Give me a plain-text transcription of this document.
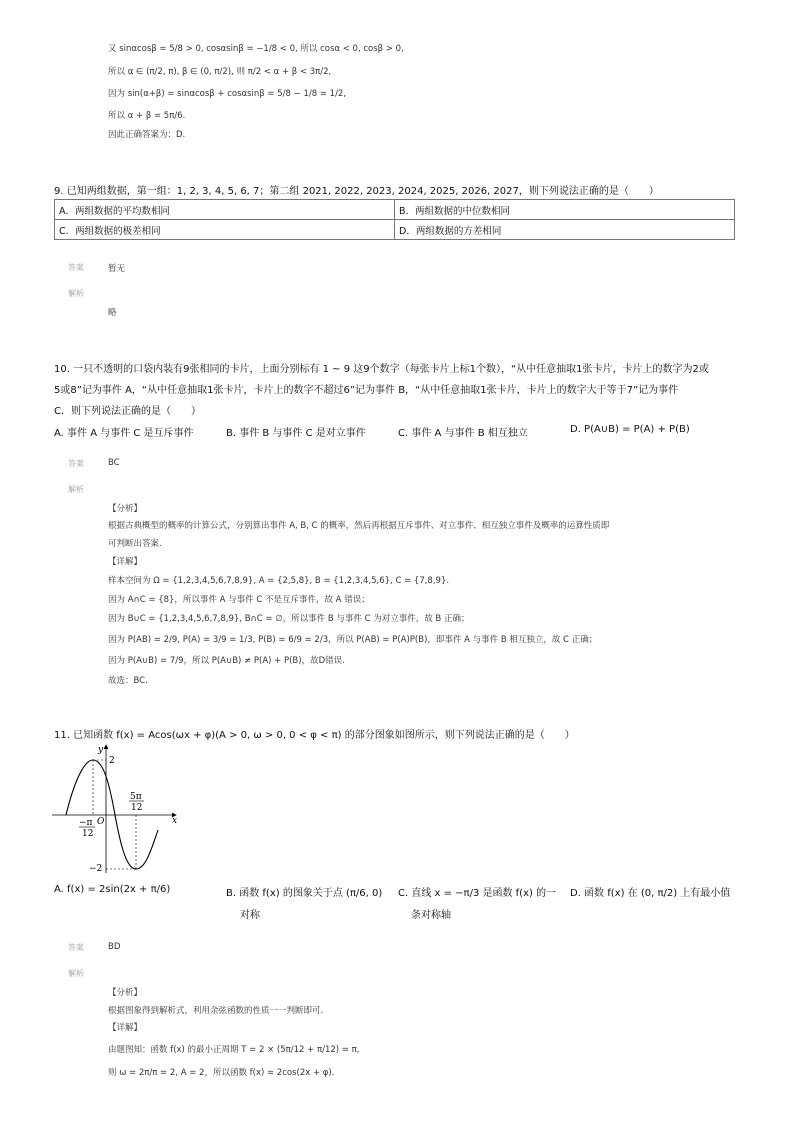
又 sinαcosβ = 5/8 > 0, cosαsinβ = −1/8 < 0, 所以 cosα < 0, cosβ > 0,
所以 α ∈ (π/2, π), β ∈ (0, π/2), 则 π/2 < α + β < 3π/2,
因为 sin(α+β) = sinαcosβ + cosαsinβ = 5/8 − 1/8 = 1/2,
所以 α + β = 5π/6.
因此正确答案为：D.
9. 已知两组数据，第一组：1, 2, 3, 4, 5, 6, 7；第二组 2021, 2022, 2023, 2024, 2025, 2026, 2027，则下列说法正确的是（　　）
A．两组数据的平均数相同	B．两组数据的中位数相同
C．两组数据的极差相同	D．两组数据的方差相同
答案	暂无
解析
略
10. 一只不透明的口袋内装有9张相同的卡片，上面分别标有 1 ~ 9 这9个数字（每张卡片上标1个数），“从中任意抽取1张卡片，卡片上的数字为2或
5或8”记为事件 A，“从中任意抽取1张卡片，卡片上的数字不超过6”记为事件 B，“从中任意抽取1张卡片，卡片上的数字大于等于7”记为事件
C．则下列说法正确的是（　　）
A. 事件 A 与事件 C 是互斥事件	B. 事件 B 与事件 C 是对立事件	C. 事件 A 与事件 B 相互独立	D. P(A∪B) = P(A) + P(B)
答案	BC
解析
【分析】
根据古典概型的概率的计算公式，分别算出事件 A, B, C 的概率，然后再根据互斥事件、对立事件、相互独立事件及概率的运算性质即
可判断出答案.
【详解】
样本空间为 Ω = {1,2,3,4,5,6,7,8,9}, A = {2,5,8}, B = {1,2,3,4,5,6}, C = {7,8,9}.
因为 A∩C = {8}，所以事件 A 与事件 C 不是互斥事件，故 A 错误；
因为 B∪C = {1,2,3,4,5,6,7,8,9}, B∩C = ∅，所以事件 B 与事件 C 为对立事件，故 B 正确；
因为 P(AB) = 2/9, P(A) = 3/9 = 1/3, P(B) = 6/9 = 2/3，所以 P(AB) = P(A)P(B)，即事件 A 与事件 B 相互独立，故 C 正确；
因为 P(A∪B) = 7/9，所以 P(A∪B) ≠ P(A) + P(B)，故D错误.
故选：BC.
11. 已知函数 f(x) = Acos(ωx + φ)(A > 0, ω > 0, 0 < φ < π) 的部分图象如图所示，则下列说法正确的是（　　）
y
2
−2
x
O
5π
12
−π
12
A. f(x) = 2sin(2x + π/6)	B. 函数 f(x) 的图象关于点 (π/6, 0)
对称
C. 直线 x = −π/3 是函数 f(x) 的一
条对称轴
D. 函数 f(x) 在 (0, π/2) 上有最小值
答案	BD
解析
【分析】
根据图象得到解析式，利用余弦函数的性质一一判断即可.
【详解】
由题图知：函数 f(x) 的最小正周期 T = 2 × (5π/12 + π/12) = π,
则 ω = 2π/π = 2, A = 2，所以函数 f(x) = 2cos(2x + φ).
